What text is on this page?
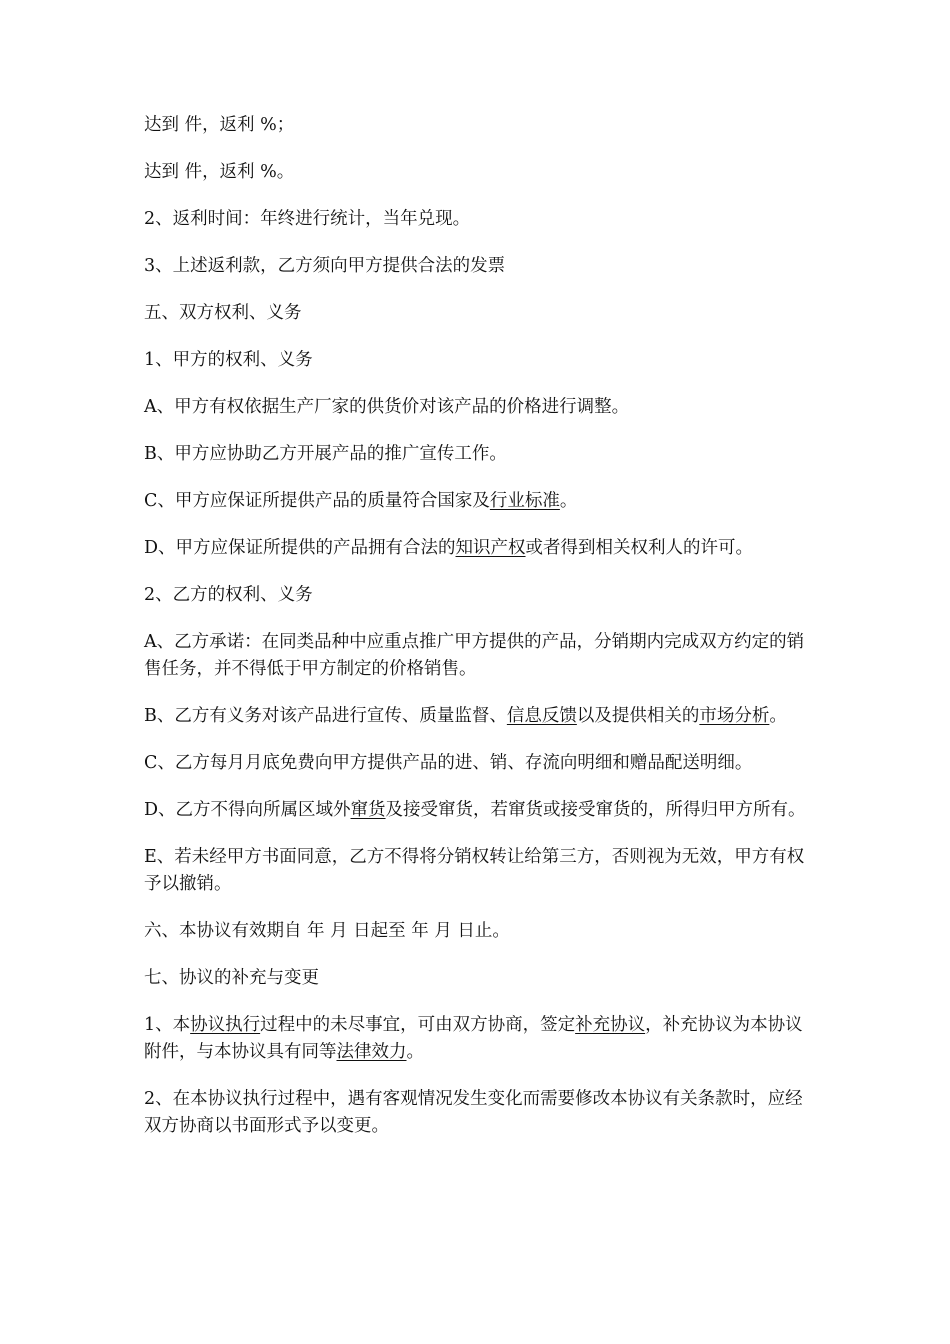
达到 件，返利 %；

达到 件，返利 %。

2、返利时间：年终进行统计，当年兑现。

3、上述返利款，乙方须向甲方提供合法的发票

五、双方权利、义务

1、甲方的权利、义务

A、甲方有权依据生产厂家的供货价对该产品的价格进行调整。

B、甲方应协助乙方开展产品的推广宣传工作。

C、甲方应保证所提供产品的质量符合国家及行业标准。

D、甲方应保证所提供的产品拥有合法的知识产权或者得到相关权利人的许可。

2、乙方的权利、义务

A、乙方承诺：在同类品种中应重点推广甲方提供的产品，分销期内完成双方约定的销售任务，并不得低于甲方制定的价格销售。

B、乙方有义务对该产品进行宣传、质量监督、信息反馈以及提供相关的市场分析。

C、乙方每月月底免费向甲方提供产品的进、销、存流向明细和赠品配送明细。

D、乙方不得向所属区域外窜货及接受窜货，若窜货或接受窜货的，所得归甲方所有。

E、若未经甲方书面同意，乙方不得将分销权转让给第三方，否则视为无效，甲方有权予以撤销。

六、本协议有效期自 年 月 日起至 年 月 日止。

七、协议的补充与变更

1、本协议执行过程中的未尽事宜，可由双方协商，签定补充协议，补充协议为本协议附件，与本协议具有同等法律效力。

2、在本协议执行过程中，遇有客观情况发生变化而需要修改本协议有关条款时，应经双方协商以书面形式予以变更。
